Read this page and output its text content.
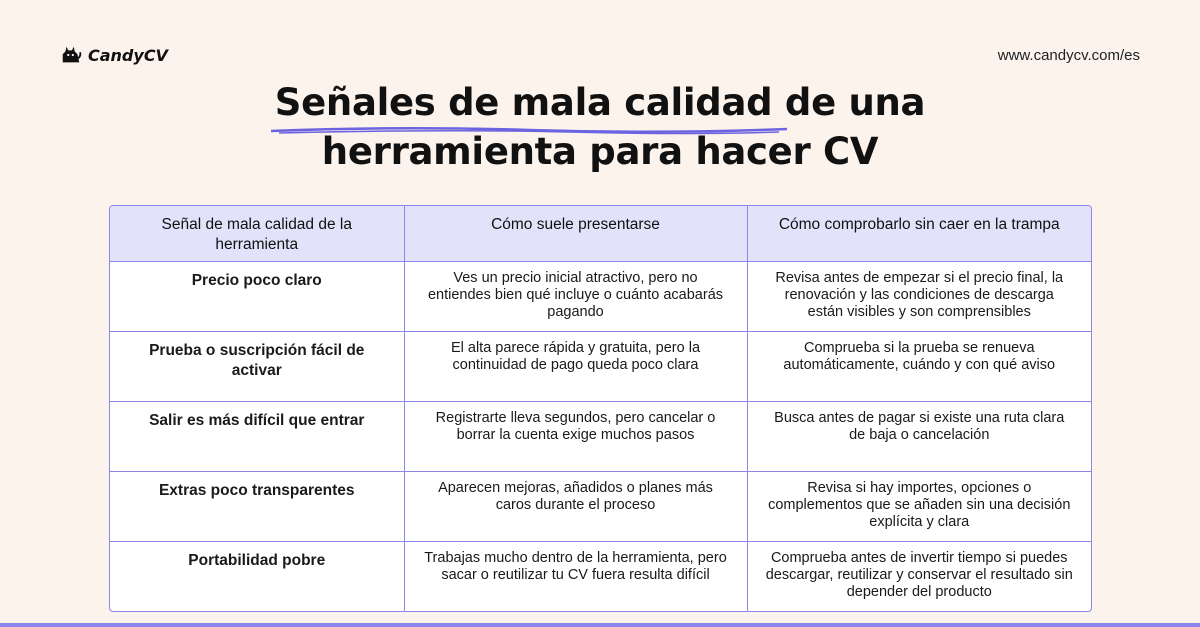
CandyCV	www.candycv.com/es
Señales de mala calidad
de una
herramienta para hacer CV
Señal de mala calidad de la herramienta	Cómo suele presentarse	Cómo comprobarlo sin caer en la trampa
Precio poco claro	Ves un precio inicial atractivo, pero no entiendes bien qué incluye o cuánto acabarás pagando	Revisa antes de empezar si el precio final, la renovación y las condiciones de descarga están visibles y son comprensibles
Prueba o suscripción fácil de activar	El alta parece rápida y gratuita, pero la continuidad de pago queda poco clara	Comprueba si la prueba se renueva automáticamente, cuándo y con qué aviso
Salir es más difícil que entrar	Registrarte lleva segundos, pero cancelar o borrar la cuenta exige muchos pasos	Busca antes de pagar si existe una ruta clara de baja o cancelación
Extras poco transparentes	Aparecen mejoras, añadidos o planes más caros durante el proceso	Revisa si hay importes, opciones o complementos que se añaden sin una decisión explícita y clara
Portabilidad pobre	Trabajas mucho dentro de la herramienta, pero sacar o reutilizar tu CV fuera resulta difícil	Comprueba antes de invertir tiempo si puedes descargar, reutilizar y conservar el resultado sin depender del producto
